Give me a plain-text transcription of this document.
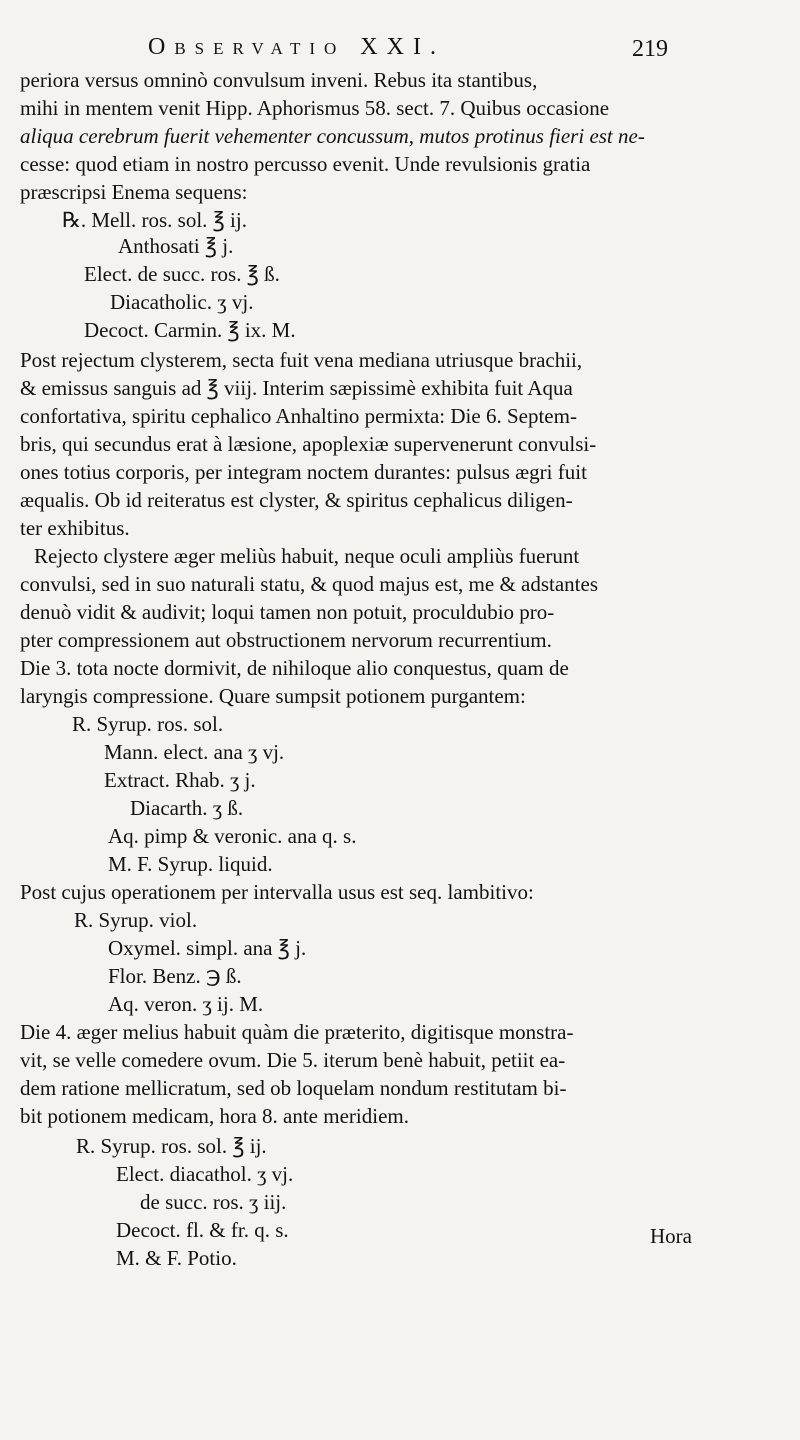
Observatio XXI.	219
periora versus omninò convulsum inveni. Rebus ita stantibus,
mihi in mentem venit Hipp. Aphorismus 58. sect. 7. Quibus occasione
aliqua cerebrum fuerit vehementer concussum, mutos protinus fieri est ne-
cesse: quod etiam in nostro percusso evenit. Unde revulsionis gratia
præscripsi Enema sequens:
℞. Mell. ros. sol. ℥ ij.
Anthosati ℥ j.
Elect. de succ. ros. ℥ ß.
Diacatholic. ʒ vj.
Decoct. Carmin. ℥ ix. M.
Post rejectum clysterem, secta fuit vena mediana utriusque brachii,
& emissus sanguis ad ℥ viij. Interim sæpissimè exhibita fuit Aqua
confortativa, spiritu cephalico Anhaltino permixta: Die 6. Septem-
bris, qui secundus erat à læsione, apoplexiæ supervenerunt convulsi-
ones totius corporis, per integram noctem durantes: pulsus ægri fuit
æqualis. Ob id reiteratus est clyster, & spiritus cephalicus diligen-
ter exhibitus.
Rejecto clystere æger meliùs habuit, neque oculi ampliùs fuerunt
convulsi, sed in suo naturali statu, & quod majus est, me & adstantes
denuò vidit & audivit; loqui tamen non potuit, proculdubio pro-
pter compressionem aut obstructionem nervorum recurrentium.
Die 3. tota nocte dormivit, de nihiloque alio conquestus, quam de
laryngis compressione. Quare sumpsit potionem purgantem:
R. Syrup. ros. sol.
Mann. elect. ana ʒ vj.
Extract. Rhab. ʒ j.
Diacarth. ʒ ß.
Aq. pimp & veronic. ana q. s.
M. F. Syrup. liquid.
Post cujus operationem per intervalla usus est seq. lambitivo:
R. Syrup. viol.
Oxymel. simpl. ana ℥ j.
Flor. Benz. ℈ ß.
Aq. veron. ʒ ij. M.
Die 4. æger melius habuit quàm die præterito, digitisque monstra-
vit, se velle comedere ovum. Die 5. iterum benè habuit, petiit ea-
dem ratione mellicratum, sed ob loquelam nondum restitutam bi-
bit potionem medicam, hora 8. ante meridiem.
R. Syrup. ros. sol. ℥ ij.
Elect. diacathol. ʒ vj.
de succ. ros. ʒ iij.
Decoct. fl. & fr. q. s.
M. & F. Potio.
Hora
